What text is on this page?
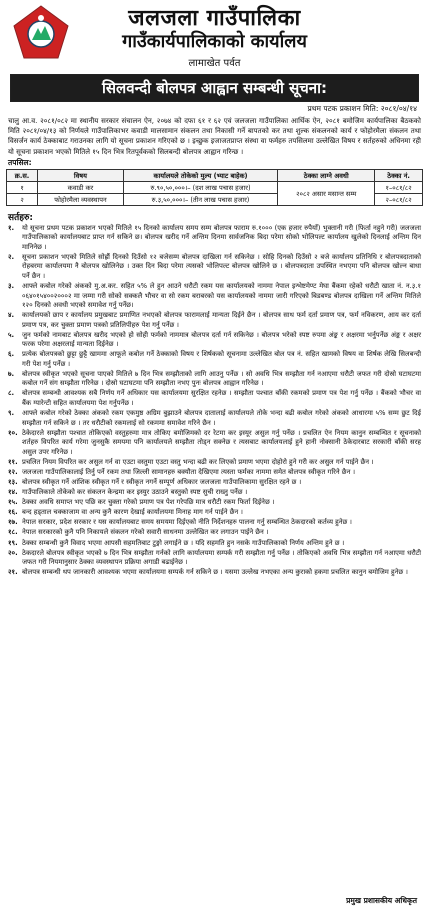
जलजला गाउँपालिका
गाउँकार्यपालिकाको कार्यालय
लामाखेत पर्वत
सिलवन्दी बोलपत्र आह्वान सम्बन्धी सूचना:
प्रथम पटक प्रकाशन मिति: २०८१/०४/१४
चालु आ.व. २०८१/०८२ मा स्थानीय सरकार संचालन ऐन, २०७४ को दफा ६१ र ६२ एवं जलजला गाउँपालिका आर्थिक ऐन, २०८१ बमोजिम कार्यपालिका बैठकको मिति २०८१/०४/१३ को निर्णयले गाउँपालिकाभर कवाडी मालसामान संकलन तथा निकासी गर्ने बापतको कर तथा शुल्क संकलनको कार्य र फोहोरमैला संकलन तथा विसर्जन कार्य ठेक्काबाट गराउनका लागि यो सूचना प्रकाशन गरिएको छ । इच्छुक इजाजतप्राप्त संस्था वा फर्महरु तपसिलमा उल्लेखित विषय र सर्तहरुको अधिनमा रही यो सूचना प्रकाशन भएको मितिले १५ दिन भित्र रितपूर्वकको सिलबन्दी बोलपत्र आह्वान गरिन्छ ।
तपसिल:
क्र.स.	विषय	कार्यालयले तोकेको मुल्य (भ्याट बाहेक)	ठेक्का लाग्ने अवधी	ठेक्का नं.
१	कवाडी कर	रु.९०,५०,०००।– (दश लाख पचास हजार)	२०८२ असार मसान्त सम्म	१–०८१/८२
२	फोहोरमैला व्यवस्थापन	रु.३,५०,०००।– (तीन लाख पचास हजार)		२–०८१/८२
सर्तहरु:
१.	यो सूचना प्रथम पटक प्रकाशन भएको मितिले १५ दिनको कार्यालय समय सम्म बोलपत्र फाराम रु.१००० (एक हजार रुपैयाँ) भुक्तानी गरी (फिर्ता नहुने गरी) जलजला गाउँपालिकाको कार्यालयबाट प्राप्त गर्न सकिने छ। बोलपत्र खरीद गर्ने अन्तिम दिनमा सार्वजनिक बिदा परेमा सोको भोलिपल्ट कार्यालय खुलेको दिनलाई अन्तिम दिन मानिनेछ ।
२.	सूचना प्रकाशन भएको मितिले सोह्रौं दिनको दिउँसो १२ बजेसम्म बोलपत्र दाखिला गर्न सकिनेछ । सोहि दिनको दिउँसो २ बजे कार्यालय प्रतिनिधि र बोलपत्रदाताको रोहबरमा कार्यालयमा नै बोलपत्र खोलिनेछ । उक्त दिन बिदा परेमा त्यसको भोलिपल्ट बोलपत्र खोलिने छ । बोलपत्रदाता उपस्थित नभएमा पनि बोलपत्र खोल्न बाधा पर्ने छैन ।
३.	आफ्ले कबोल गरेको अंकको मु.अ.कर. सहित ५% ले हुन आउने धरौटी रकम यस कार्यालयको नाममा नेपाल इन्भेष्टमेण्ट मेघा बैंकमा रहेको धरौटी खाता नं. न.३.१ ०६४०१५४००२०००२ मा जम्मा गरी सोको सक्कलै भौचर वा सो रकम बराबरको यस कार्यालयको नाममा जारी गरिएको बिडबण्ड बोलपत्र दाखिला गर्ने अन्तिम मितिले १२० दिनको अवधी भएको समावेश गर्नु पर्नेछ।
४.	कार्यालयको छाप र कार्यालय प्रमुखबाट प्रमाणित नभएको बोलपत्र फारामलाई मान्यता दिईने छैन । बोलपत्र साथ फर्म दर्ता प्रमाण पत्र, फर्म नविकरण, आय कर दर्ता प्रमाण पत्र, कर चुक्ता प्रमाण पत्रको प्रतिलिपीहरु पेश गर्नु पर्नेछ ।
५.	जुन फर्मको नामबाट बोलपत्र खरीद भएको हो सोही फर्मको नाममात्र बोलपत्र दर्ता गर्न सकिनेछ । बोलपत्र भरेको स्पष्ट रुपमा अंङ्क र अक्षरमा भर्नुपर्नेछ अंङ्क र अक्षर फरक परेमा अक्षरलाई मान्यता दिईनेछ ।
६.	प्रत्येक बोलपत्रको छुट्टा छुट्टै खाममा आफूले कबोल गर्ने ठेक्काको विषय र शिर्षकको सूचनामा उल्लेखित बोल पत्र नं. सहित खामको विषय वा शिर्षक लेखि सिलबन्दी गरी पेश गर्नु पर्नेछ ।
७.	बोलपत्र स्वीकृत भएको सूचना पाएको मितिले ७ दिन भित्र सम्झौताको लागि आउनु पर्नेछ । सो अवधि भित्र सम्झौता गर्न नआएमा धरौटी जफत गरी दोस्रो घटाघटमा कबोल गर्ने संग सम्झौता गरिनेछ । दोस्रो घटाघटमा पनि सम्झौता नभए पुनः बोलपत्र आह्वान गरिनेछ ।
८.	बोलपत्र सम्बन्धी आवश्यक सबै निर्णय गर्ने अधिकार यस कार्यालयमा सुरक्षित रहनेछ । सम्झौता पश्चात बाँकी रकमको प्रमाण पत्र पेश गर्नु पर्नेछ । बैंकको भौचर वा बैंक ग्यारेन्टी सहित कार्यालयमा पेश गर्नुपर्नेछ ।
९.	आफ्ले कबोल गरेको ठेक्का अंकको रकम एकमुष्ठ अग्रिम बुझाउने बोलपत्र दातालाई कार्यालयले तोके भन्दा बढी कबोल गरेको अंकको आधारमा ५% सम्म छुट दिई सम्झौता गर्न सकिने छ । तर धरौटीको रकमलाई सो रकममा समावेश गरिने छैन ।
१०. ठेकेदारले सम्झौता पश्चात तोकिएको वस्तुहरुमा मात्र तोकिए बमोजिमको दर रेटमा कर इस्यूर असुल गर्नु पर्नेछ । प्रचलित ऐन नियम कानुन सम्बन्धित र सूचनाको शर्तहरु विपरित कार्य गरेमा जुनसुकै समयमा पनि कार्यालयले सम्झौता तोड्न सक्नेछ र त्यसबाट कार्यालयलाई हुने हानी नोक्सानी ठेकेदारबाट सरकारी बाँकी सरह असुल उपर गरिनेछ ।
११. प्रचलित नियम विपरित कर असुल गर्न वा एउटा वस्तुमा एउटा वस्तु भन्दा बढी कर लिएको प्रमाण भएमा दोहोरो हुने गरी कर असुल गर्न पाईने छैन ।
१२. जलजला गाउँपालिकालाई तिर्नु पर्ने रकम तथा जिल्ली सामानहरु बक्यौता देखिएमा त्यस्ता फर्मका नाममा समेत बोलपत्र स्वीकृत गरिने छैन ।
१३. बोलपत्र स्वीकृत गर्ने आंशिक स्वीकृत गर्ने र स्वीकृत नगर्ने सम्पूर्ण अधिकार जलजला गाउँपालिकामा सुरक्षित रहने छ ।
१४. गाउँपालिकाले तोकेको कर संकलन केन्द्रमा कर इस्युर उठाउने बस्तुको स्पष्ट सुची राख्नु पर्नेछ ।
१५. ठेक्का अवधि समाप्त भए पछि कर चुक्ता गरेको प्रमाण पत्र पेश गरेपछि मात्र धरौटी रकम फिर्ता दिईनेछ ।
१६. बन्द हड्ताल चक्काजाम वा अन्य कुनै कारण देखाई कार्यालयमा मिनाह माग गर्न पाईने छैन ।
१७. नेपाल सरकार, प्रदेश सरकार र यस कार्यालयबाट समय समयमा दिईएको नीति निर्देशनहरु पालना गर्नु सम्बन्धित ठेकदारको कर्तव्य हुनेछ ।
१८. नेपाल सरकारको कुनै पनि निकायले संकलन गरेको सवारी साधनमा उल्लेखित कर लगाउन पाईने छैन ।
१९. ठेक्का सम्बन्धी कुनै विवाद भएमा आपसी सहमतिबाट टुङ्गो लगाईने छ । यदि सहमति हुन नसके गाउँपालिकाको निर्णय अन्तिम हुने छ ।
२०. ठेकदारले बोलपत्र स्वीकृत भएको ७ दिन भित्र सम्झौता गर्नको लागि कार्यालयमा सम्पर्क गरी सम्झौता गर्नु पर्नेछ । तोकिएको अवधि भित्र सम्झौता गर्न नआएमा धरौटी जफत गरी नियमानुसार ठेक्का व्यवस्थापन प्रक्रिया अगाडी बढाईनेछ ।
२१. बोलपत्र सम्बन्धी थप जानकारी आवश्यक भएमा कार्यालयमा सम्पर्क गर्न सकिने छ । यसमा उल्लेख नभएका अन्य कुराको हकमा प्रचलित कानुन बमोजिम हुनेछ ।
प्रमुख प्रशासकीय अधिकृत
